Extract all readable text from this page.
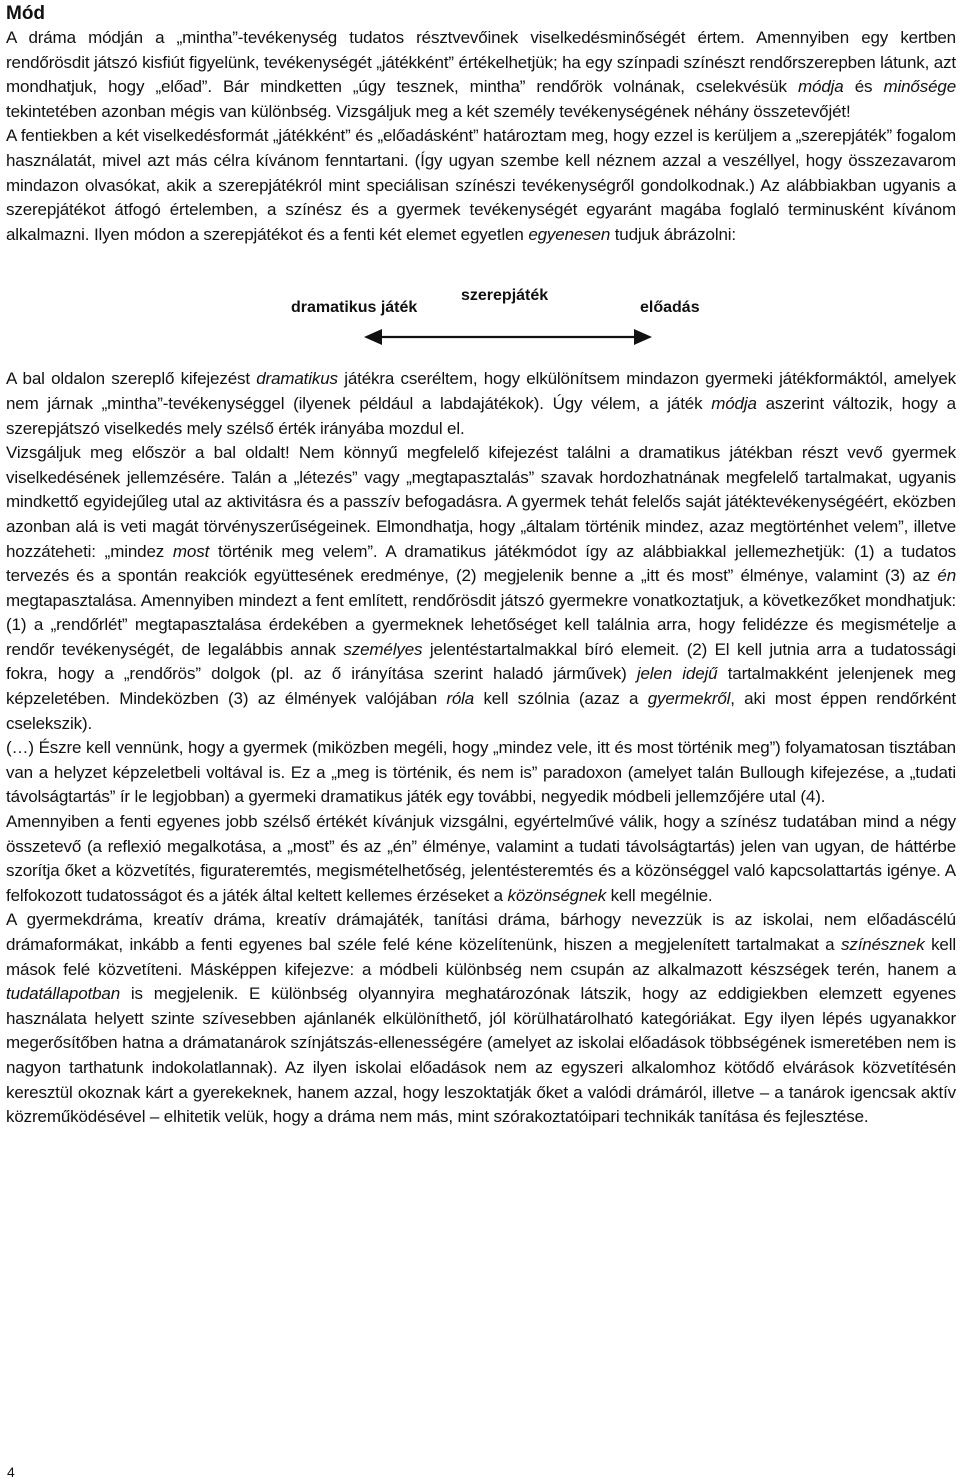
Mód

A dráma módján a „mintha”-tevékenység tudatos résztvevőinek viselkedésminőségét értem. Amennyiben egy kertben rendőrösdit játszó kisfiút figyelünk, tevékenységét „játékként” értékelhetjük; ha egy színpadi színészt rendőrszerepben látunk, azt mondhatjuk, hogy „előad”. Bár mindketten „úgy tesznek, mintha” rendőrök volnának, cselekvésük módja és minősége tekintetében azonban mégis van különbség. Vizsgáljuk meg a két személy tevékenységének néhány összetevőjét!

A fentiekben a két viselkedésformát „játékként” és „előadásként” határoztam meg, hogy ezzel is kerüljem a „szerepjáték” fogalom használatát, mivel azt más célra kívánom fenntartani. (Így ugyan szembe kell néznem azzal a veszéllyel, hogy összezavarom mindazon olvasókat, akik a szerepjátékról mint speciálisan színészi tevékenységről gondolkodnak.) Az alábbiakban ugyanis a szerepjátékot átfogó értelemben, a színész és a gyermek tevékenységét egyaránt magába foglaló terminusként kívánom alkalmazni. Ilyen módon a szerepjátékot és a fenti két elemet egyetlen egyenesen tudjuk ábrázolni:

dramatikus játék
szerepjáték
előadás

A bal oldalon szereplő kifejezést dramatikus játékra cseréltem, hogy elkülönítsem mindazon gyermeki játékformáktól, amelyek nem járnak „mintha”-tevékenységgel (ilyenek például a labdajátékok). Úgy vélem, a játék módja aszerint változik, hogy a szerepjátszó viselkedés mely szélső érték irányába mozdul el.

Vizsgáljuk meg először a bal oldalt! Nem könnyű megfelelő kifejezést találni a dramatikus játékban részt vevő gyermek viselkedésének jellemzésére. Talán a „létezés” vagy „megtapasztalás” szavak hordozhatnának megfelelő tartalmakat, ugyanis mindkettő egyidejűleg utal az aktivitásra és a passzív befogadásra. A gyermek tehát felelős saját játéktevékenységéért, eközben azonban alá is veti magát törvényszerűségeinek. Elmondhatja, hogy „általam történik mindez, azaz megtörténhet velem”, illetve hozzáteheti: „mindez most történik meg velem”. A dramatikus játékmódot így az alábbiakkal jellemezhetjük: (1) a tudatos tervezés és a spontán reakciók együttesének eredménye, (2) megjelenik benne a „itt és most” élménye, valamint (3) az én megtapasztalása. Amennyiben mindezt a fent említett, rendőrösdit játszó gyermekre vonatkoztatjuk, a következőket mondhatjuk: (1) a „rendőrlét” megtapasztalása érdekében a gyermeknek lehetőséget kell találnia arra, hogy felidézze és megismételje a rendőr tevékenységét, de legalábbis annak személyes jelentéstartalmakkal bíró elemeit. (2) El kell jutnia arra a tudatossági fokra, hogy a „rendőrös” dolgok (pl. az ő irányítása szerint haladó járművek) jelen idejű tartalmakként jelenjenek meg képzeletében. Mindeközben (3) az élmények valójában róla kell szólnia (azaz a gyermekről, aki most éppen rendőrként cselekszik).

(…) Észre kell vennünk, hogy a gyermek (miközben megéli, hogy „mindez vele, itt és most történik meg”) folyamatosan tisztában van a helyzet képzeletbeli voltával is. Ez a „meg is történik, és nem is” paradoxon (amelyet talán Bullough kifejezése, a „tudati távolságtartás” ír le legjobban) a gyermeki dramatikus játék egy további, negyedik módbeli jellemzőjére utal (4).

Amennyiben a fenti egyenes jobb szélső értékét kívánjuk vizsgálni, egyértelművé válik, hogy a színész tudatában mind a négy összetevő (a reflexió megalkotása, a „most” és az „én” élménye, valamint a tudati távolságtartás) jelen van ugyan, de háttérbe szorítja őket a közvetítés, figurateremtés, megismételhetőség, jelentésteremtés és a közönséggel való kapcsolattartás igénye. A felfokozott tudatosságot és a játék által keltett kellemes érzéseket a közönségnek kell megélnie.

A gyermekdráma, kreatív dráma, kreatív drámajáték, tanítási dráma, bárhogy nevezzük is az iskolai, nem előadáscélú drámaformákat, inkább a fenti egyenes bal széle felé kéne közelítenünk, hiszen a megjelenített tartalmakat a színésznek kell mások felé közvetíteni. Másképpen kifejezve: a módbeli különbség nem csupán az alkalmazott készségek terén, hanem a tudatállapotban is megjelenik. E különbség olyannyira meghatározónak látszik, hogy az eddigiekben elemzett egyenes használata helyett szinte szívesebben ajánlanék elkülöníthető, jól körülhatárolható kategóriákat. Egy ilyen lépés ugyanakkor megerősítőben hatna a drámatanárok színjátszás-ellenességére (amelyet az iskolai előadások többségének ismeretében nem is nagyon tarthatunk indokolatlannak). Az ilyen iskolai előadások nem az egyszeri alkalomhoz kötődő elvárások közvetítésén keresztül okoznak kárt a gyerekeknek, hanem azzal, hogy leszoktatják őket a valódi drámáról, illetve – a tanárok igencsak aktív közreműködésével – elhitetik velük, hogy a dráma nem más, mint szórakoztatóipari technikák tanítása és fejlesztése.

4
